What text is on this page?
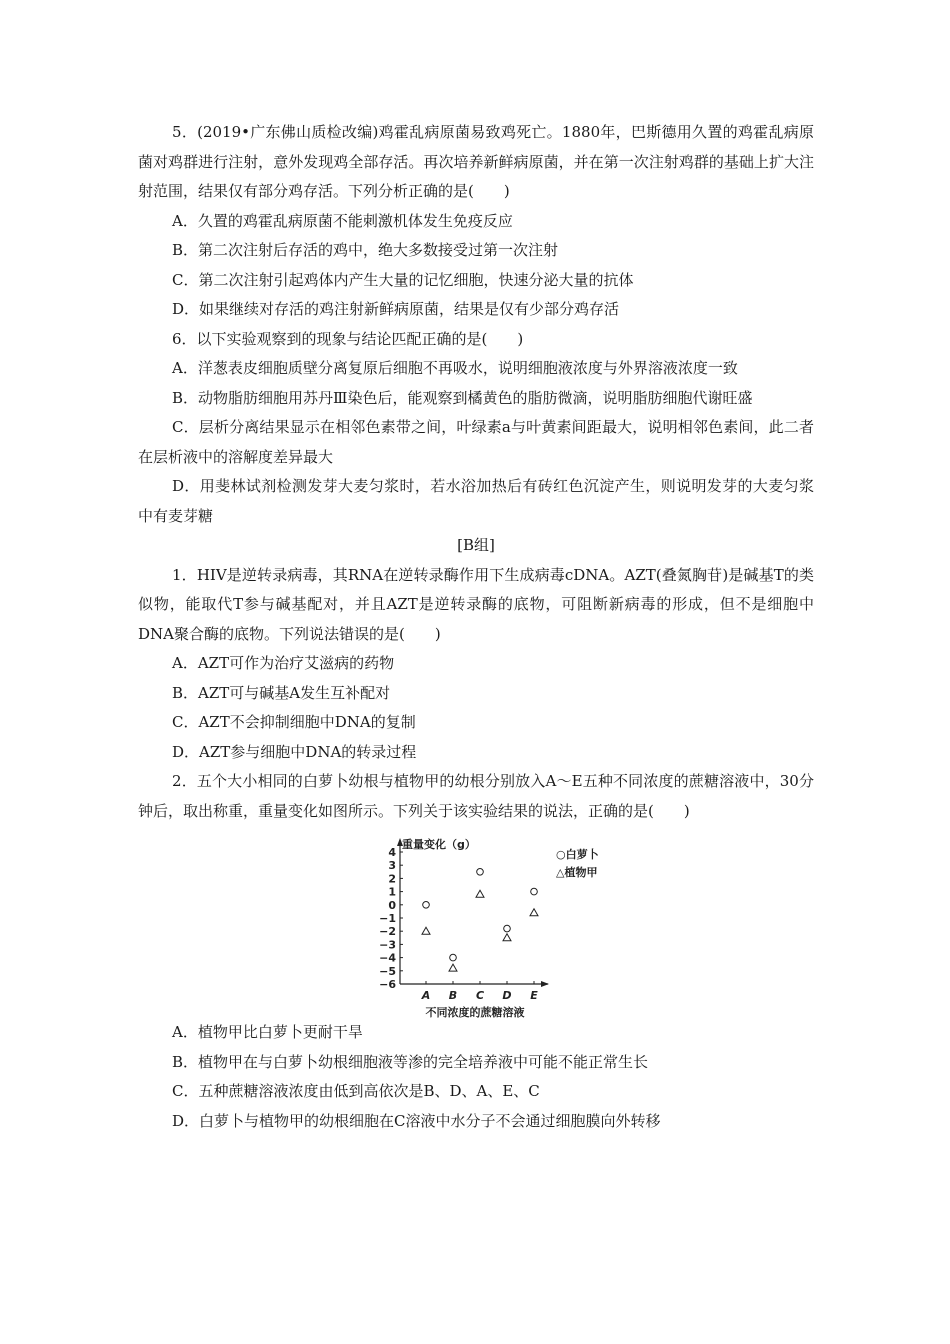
5．(2019•广东佛山质检改编)鸡霍乱病原菌易致鸡死亡。1880年，巴斯德用久置的鸡霍乱病原菌对鸡群进行注射，意外发现鸡全部存活。再次培养新鲜病原菌，并在第一次注射鸡群的基础上扩大注射范围，结果仅有部分鸡存活。下列分析正确的是(　　)

A．久置的鸡霍乱病原菌不能刺激机体发生免疫反应

B．第二次注射后存活的鸡中，绝大多数接受过第一次注射

C．第二次注射引起鸡体内产生大量的记忆细胞，快速分泌大量的抗体

D．如果继续对存活的鸡注射新鲜病原菌，结果是仅有少部分鸡存活

6．以下实验观察到的现象与结论匹配正确的是(　　)

A．洋葱表皮细胞质壁分离复原后细胞不再吸水，说明细胞液浓度与外界溶液浓度一致

B．动物脂肪细胞用苏丹Ⅲ染色后，能观察到橘黄色的脂肪微滴，说明脂肪细胞代谢旺盛

C．层析分离结果显示在相邻色素带之间，叶绿素a与叶黄素间距最大，说明相邻色素间，此二者在层析液中的溶解度差异最大

D．用斐林试剂检测发芽大麦匀浆时，若水浴加热后有砖红色沉淀产生，则说明发芽的大麦匀浆中有麦芽糖

[B组]

1．HIV是逆转录病毒，其RNA在逆转录酶作用下生成病毒cDNA。AZT(叠氮胸苷)是碱基T的类似物，能取代T参与碱基配对，并且AZT是逆转录酶的底物，可阻断新病毒的形成，但不是细胞中DNA聚合酶的底物。下列说法错误的是(　　)

A．AZT可作为治疗艾滋病的药物

B．AZT可与碱基A发生互补配对

C．AZT不会抑制细胞中DNA的复制

D．AZT参与细胞中DNA的转录过程

2．五个大小相同的白萝卜幼根与植物甲的幼根分别放入A～E五种不同浓度的蔗糖溶液中，30分钟后，取出称重，重量变化如图所示。下列关于该实验结果的说法，正确的是(　　)

重量变化（g）
4
3
2
1
0
−1
−2
−3
−4
−5
−6
A B C D E
不同浓度的蔗糖溶液
○白萝卜
△植物甲

A．植物甲比白萝卜更耐干旱

B．植物甲在与白萝卜幼根细胞液等渗的完全培养液中可能不能正常生长

C．五种蔗糖溶液浓度由低到高依次是B、D、A、E、C

D．白萝卜与植物甲的幼根细胞在C溶液中水分子不会通过细胞膜向外转移
